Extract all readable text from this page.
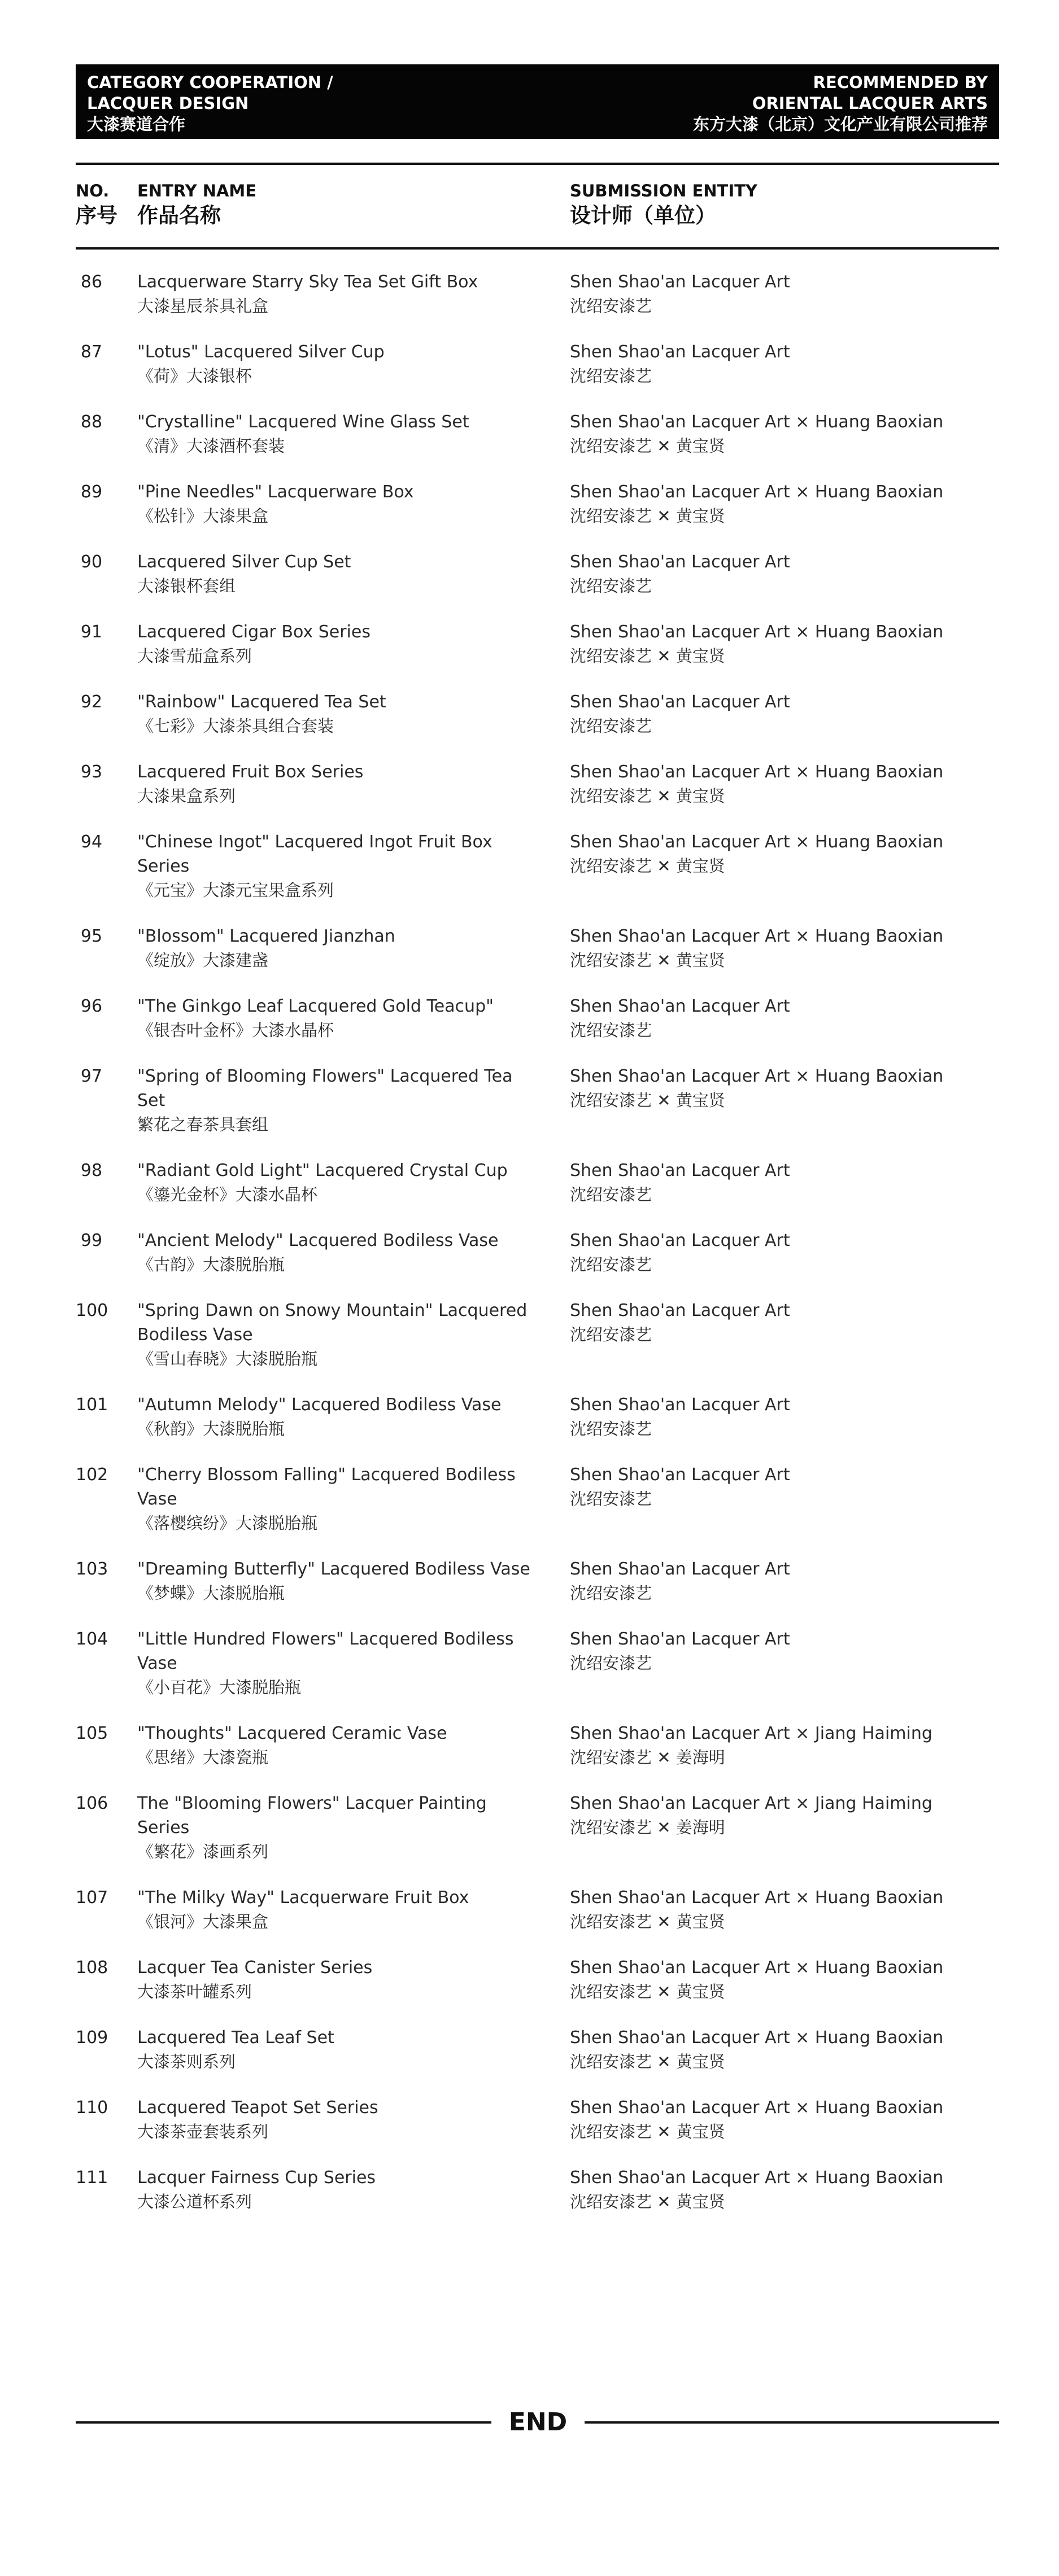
CATEGORY COOPERATION /
LACQUER DESIGN
大漆赛道合作
RECOMMENDED BY
ORIENTAL LACQUER ARTS
东方大漆（北京）文化产业有限公司推荐
NO.
序号
ENTRY NAME
作品名称
SUBMISSION ENTITY
设计师（单位）
86 Lacquerware Starry Sky Tea Set Gift Box
大漆星辰茶具礼盒
Shen Shao'an Lacquer Art
沈绍安漆艺
87 "Lotus" Lacquered Silver Cup
《荷》大漆银杯
Shen Shao'an Lacquer Art
沈绍安漆艺
88 "Crystalline" Lacquered Wine Glass Set
《清》大漆酒杯套装
Shen Shao'an Lacquer Art × Huang Baoxian
沈绍安漆艺 ✕ 黄宝贤
89 "Pine Needles" Lacquerware Box
《松针》大漆果盒
Shen Shao'an Lacquer Art × Huang Baoxian
沈绍安漆艺 ✕ 黄宝贤
90 Lacquered Silver Cup Set
大漆银杯套组
Shen Shao'an Lacquer Art
沈绍安漆艺
91 Lacquered Cigar Box Series
大漆雪茄盒系列
Shen Shao'an Lacquer Art × Huang Baoxian
沈绍安漆艺 ✕ 黄宝贤
92 "Rainbow" Lacquered Tea Set
《七彩》大漆茶具组合套装
Shen Shao'an Lacquer Art
沈绍安漆艺
93 Lacquered Fruit Box Series
大漆果盒系列
Shen Shao'an Lacquer Art × Huang Baoxian
沈绍安漆艺 ✕ 黄宝贤
94 "Chinese Ingot" Lacquered Ingot Fruit Box Series
《元宝》大漆元宝果盒系列
Shen Shao'an Lacquer Art × Huang Baoxian
沈绍安漆艺 ✕ 黄宝贤
95 "Blossom" Lacquered Jianzhan
《绽放》大漆建盏
Shen Shao'an Lacquer Art × Huang Baoxian
沈绍安漆艺 ✕ 黄宝贤
96 "The Ginkgo Leaf Lacquered Gold Teacup"
《银杏叶金杯》大漆水晶杯
Shen Shao'an Lacquer Art
沈绍安漆艺
97 "Spring of Blooming Flowers" Lacquered Tea Set
繁花之春茶具套组
Shen Shao'an Lacquer Art × Huang Baoxian
沈绍安漆艺 ✕ 黄宝贤
98 "Radiant Gold Light" Lacquered Crystal Cup
《鎏光金杯》大漆水晶杯
Shen Shao'an Lacquer Art
沈绍安漆艺
99 "Ancient Melody" Lacquered Bodiless Vase
《古韵》大漆脱胎瓶
Shen Shao'an Lacquer Art
沈绍安漆艺
100 "Spring Dawn on Snowy Mountain" Lacquered Bodiless Vase
《雪山春晓》大漆脱胎瓶
Shen Shao'an Lacquer Art
沈绍安漆艺
101 "Autumn Melody" Lacquered Bodiless Vase
《秋韵》大漆脱胎瓶
Shen Shao'an Lacquer Art
沈绍安漆艺
102 "Cherry Blossom Falling" Lacquered Bodiless Vase
《落樱缤纷》大漆脱胎瓶
Shen Shao'an Lacquer Art
沈绍安漆艺
103 "Dreaming Butterfly" Lacquered Bodiless Vase
《梦蝶》大漆脱胎瓶
Shen Shao'an Lacquer Art
沈绍安漆艺
104 "Little Hundred Flowers" Lacquered Bodiless Vase
《小百花》大漆脱胎瓶
Shen Shao'an Lacquer Art
沈绍安漆艺
105 "Thoughts" Lacquered Ceramic Vase
《思绪》大漆瓷瓶
Shen Shao'an Lacquer Art × Jiang Haiming
沈绍安漆艺 ✕ 姜海明
106 The "Blooming Flowers" Lacquer Painting Series
《繁花》漆画系列
Shen Shao'an Lacquer Art × Jiang Haiming
沈绍安漆艺 ✕ 姜海明
107 "The Milky Way" Lacquerware Fruit Box
《银河》大漆果盒
Shen Shao'an Lacquer Art × Huang Baoxian
沈绍安漆艺 ✕ 黄宝贤
108 Lacquer Tea Canister Series
大漆茶叶罐系列
Shen Shao'an Lacquer Art × Huang Baoxian
沈绍安漆艺 ✕ 黄宝贤
109 Lacquered Tea Leaf Set
大漆茶则系列
Shen Shao'an Lacquer Art × Huang Baoxian
沈绍安漆艺 ✕ 黄宝贤
110 Lacquered Teapot Set Series
大漆茶壶套装系列
Shen Shao'an Lacquer Art × Huang Baoxian
沈绍安漆艺 ✕ 黄宝贤
111 Lacquer Fairness Cup Series
大漆公道杯系列
Shen Shao'an Lacquer Art × Huang Baoxian
沈绍安漆艺 ✕ 黄宝贤
END
